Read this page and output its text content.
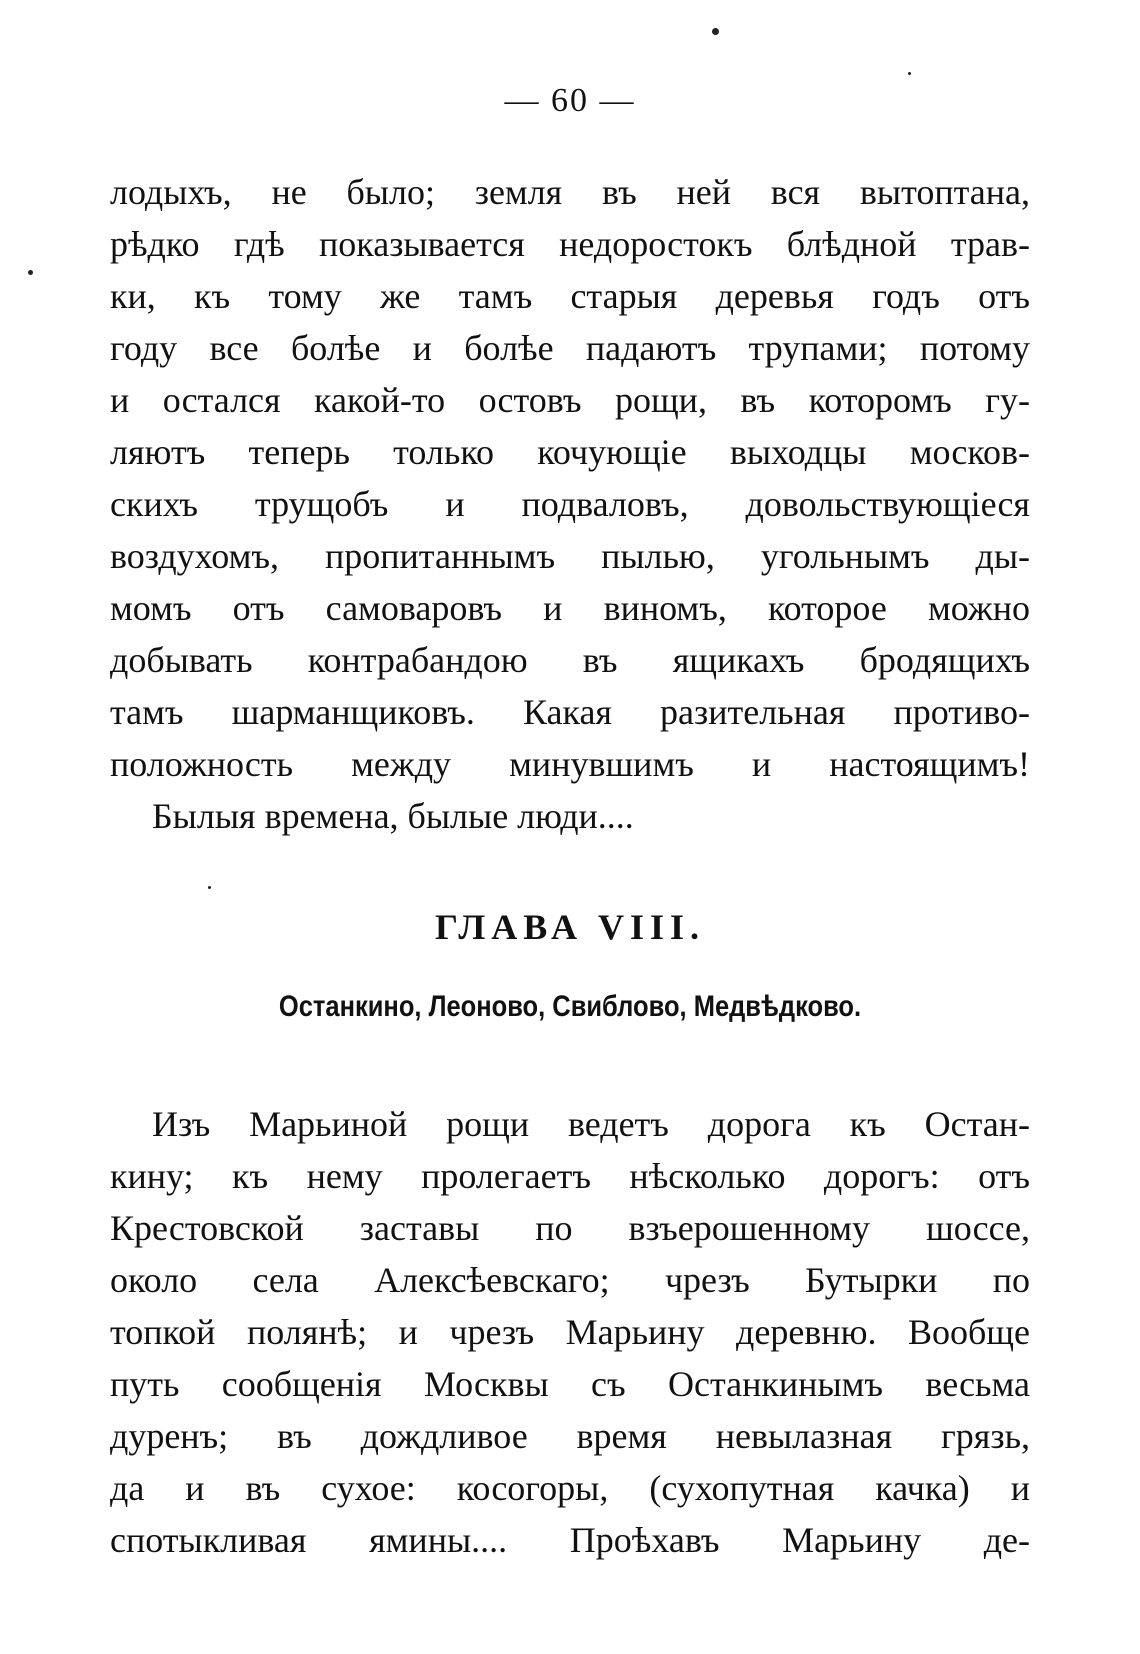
— 60 —
лодыхъ, не было; земля въ ней вся вытоптана,
рѣдко гдѣ показывается недоростокъ блѣдной трав-
ки, къ тому же тамъ старыя деревья годъ отъ
году все болѣе и болѣе падаютъ трупами; потому
и остался какой-то остовъ рощи, въ которомъ гу-
ляютъ теперь только кочующіе выходцы москов-
скихъ трущобъ и подваловъ, довольствующіеся
воздухомъ, пропитаннымъ пылью, угольнымъ ды-
момъ отъ самоваровъ и виномъ, которое можно
добывать контрабандою въ ящикахъ бродящихъ
тамъ шарманщиковъ. Какая разительная противо-
положность между минувшимъ и настоящимъ!
Былыя времена, былые люди....
ГЛАВА VIII.
Останкино, Леоново, Свиблово, Медвѣдково.
Изъ Марьиной рощи ведетъ дорога къ Остан-
кину; къ нему пролегаетъ нѣсколько дорогъ: отъ
Крестовской заставы по взъерошенному шоссе,
около села Алексѣевскаго; чрезъ Бутырки по
топкой полянѣ; и чрезъ Марьину деревню. Вообще
путь сообщенія Москвы съ Останкинымъ весьма
дуренъ; въ дождливое время невылазная грязь,
да и въ сухое: косогоры, (сухопутная качка) и
спотыкливая ямины.... Проѣхавъ Марьину де-
